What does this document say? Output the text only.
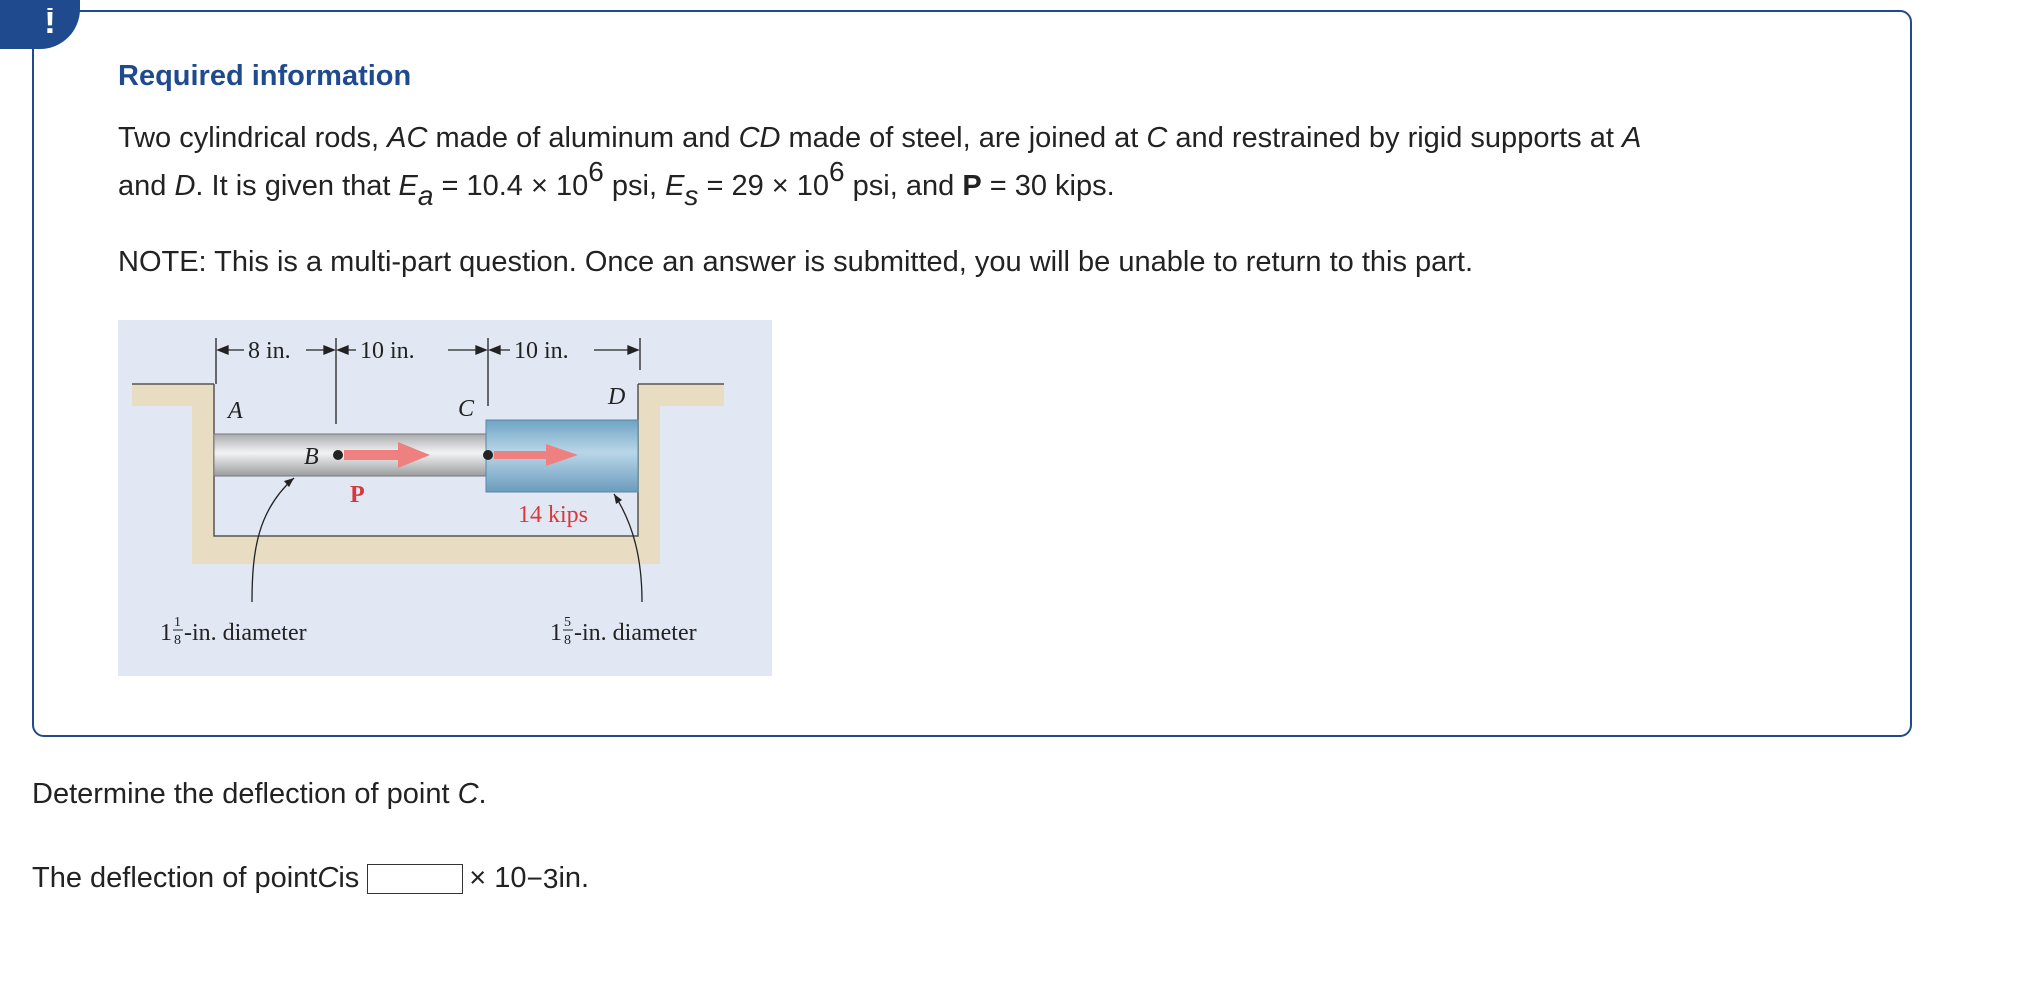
!
Required information
Two cylindrical rods, AC made of aluminum and CD made of steel, are joined at C and restrained by rigid supports at A
and D. It is given that $E_a = 10.4 \times 10^6$ psi, $E_s = 29 \times 10^6$ psi, and P = 30 kips.
NOTE: This is a multi-part question. Once an answer is submitted, you will be unable to return to this part.
8 in.	10 in.	10 in.
A
B
C	D
P
14 kips
1 1
8 -in. diameter	1 5
8 -in. diameter
Determine the deflection of point C.
The deflection of point C is	× 10 −3 in.
